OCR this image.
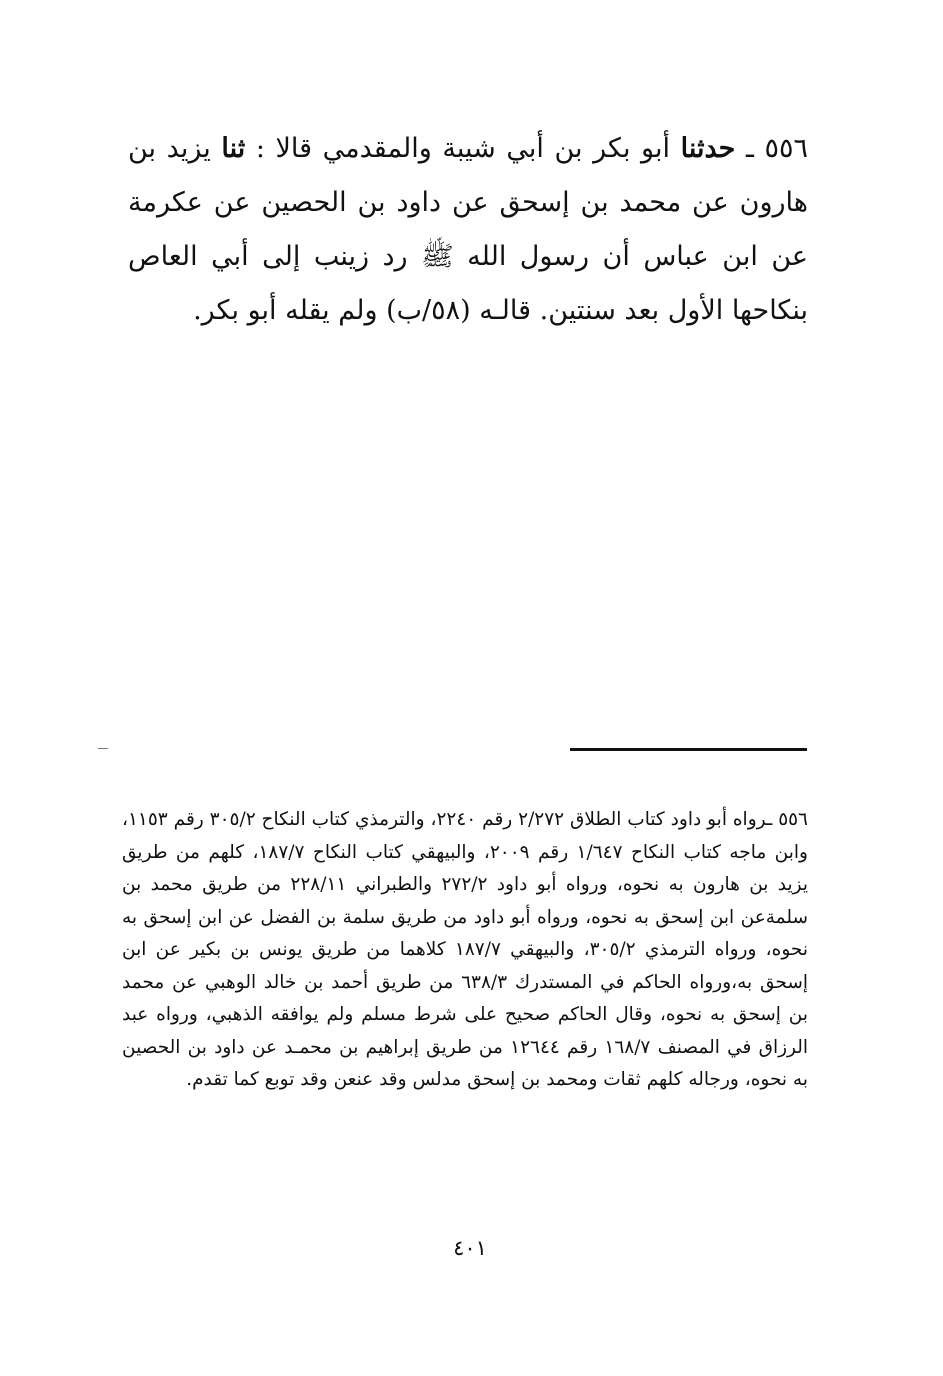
٥٥٦ ـ حدثنا أبو بكر بن أبي شيبة والمقدمي قالا : ثنا يزيد بن هارون عن محمد بن إسحق عن داود بن الحصين عن عكرمة عن ابن عباس أن رسول الله ﷺ رد زينب إلى أبي العاص بنكاحها الأول بعد سنتين. قالـه (٥٨/ب) ولم يقله أبو بكر.

٥٥٦ ـرواه أبو داود كتاب الطلاق ٢/٢٧٢ رقم ٢٢٤٠، والترمذي كتاب النكاح ٣٠٥/٢ رقم ١١٥٣، وابن ماجه كتاب النكاح ١/٦٤٧ رقم ٢٠٠٩، والبيهقي كتاب النكاح ١٨٧/٧، كلهم من طريق يزيد بن هارون به نحوه، ورواه أبو داود ٢٧٢/٢ والطبراني ٢٢٨/١١ من طريق محمد بن سلمةعن ابن إسحق به نحوه، ورواه أبو داود من طريق سلمة بن الفضل عن ابن إسحق به نحوه، ورواه الترمذي ٣٠٥/٢، والبيهقي ١٨٧/٧ كلاهما من طريق يونس بن بكير عن ابن إسحق به،ورواه الحاكم في المستدرك ٦٣٨/٣ من طريق أحمد بن خالد الوهبي عن محمد بن إسحق به نحوه، وقال الحاكم صحيح على شرط مسلم ولم يوافقه الذهبي، ورواه عبد الرزاق في المصنف ١٦٨/٧ رقم ١٢٦٤٤ من طريق إبراهيم بن محمـد عن داود بن الحصين به نحوه، ورجاله كلهم ثقات ومحمد بن إسحق مدلس وقد عنعن وقد توبع كما تقدم.

٤٠١
